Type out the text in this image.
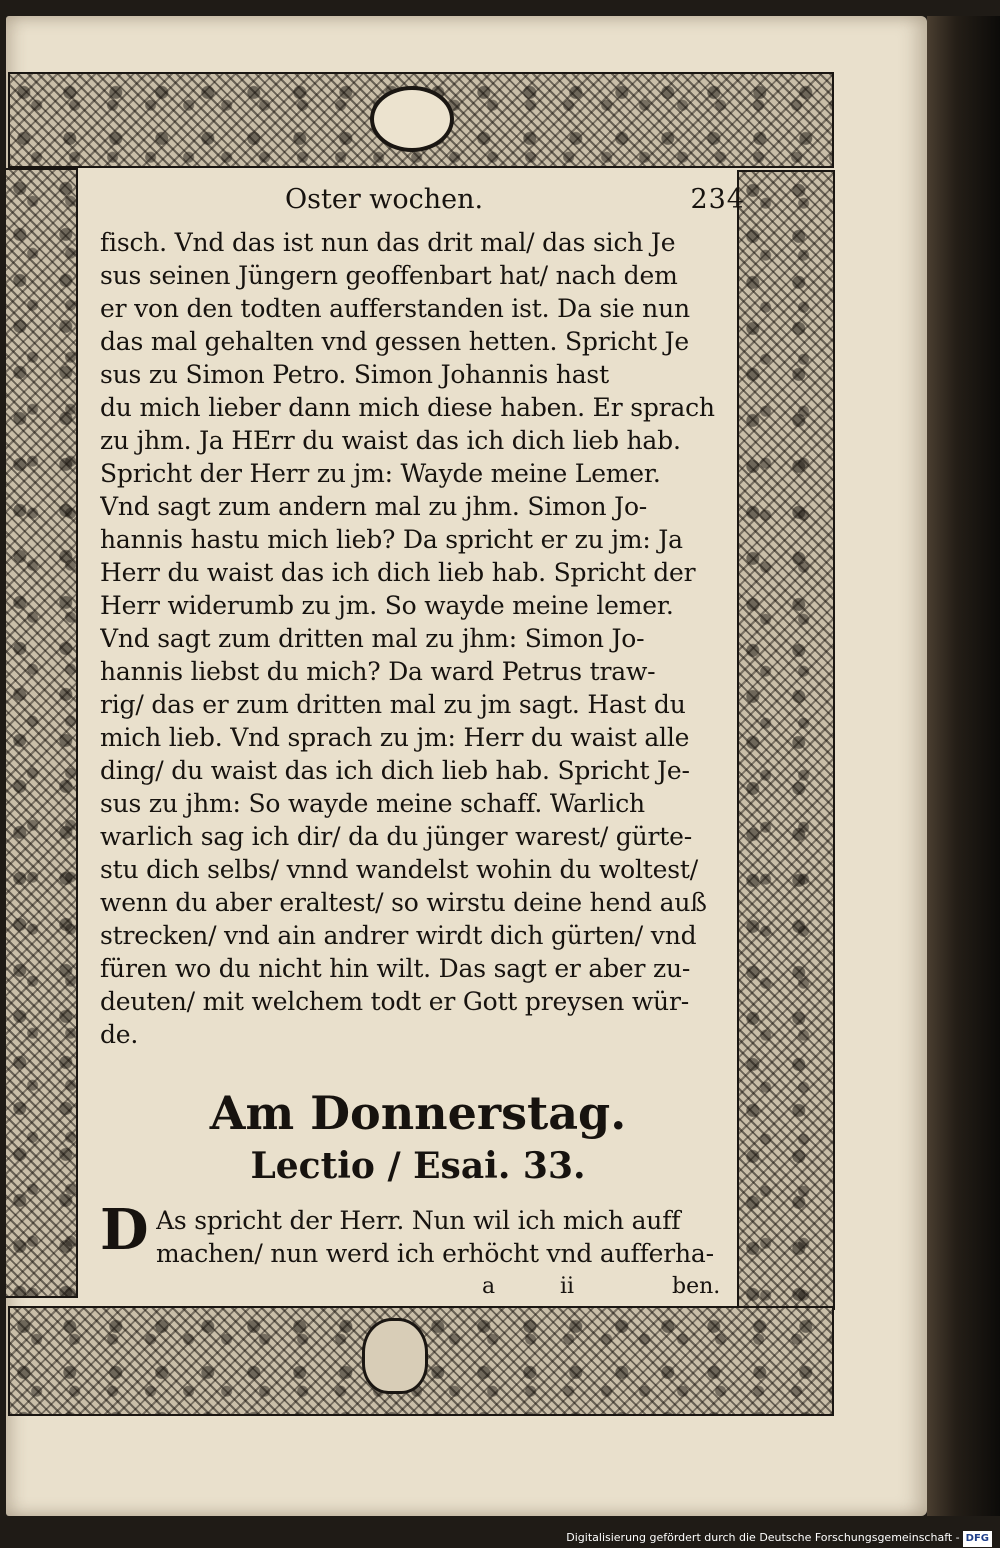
Oster wochen.	234
fisch. Vnd das ist nun das drit mal/ das sich Je
sus seinen Jüngern geoffenbart hat/ nach dem
er von den todten aufferstanden ist. Da sie nun
das mal gehalten vnd gessen hetten. Spricht Je
sus zu Simon Petro. Simon Johannis hast
du mich lieber dann mich diese haben. Er sprach
zu jhm. Ja HErr du waist das ich dich lieb hab.
Spricht der Herr zu jm: Wayde meine Lemer.
Vnd sagt zum andern mal zu jhm. Simon Jo-
hannis hastu mich lieb? Da spricht er zu jm: Ja
Herr du waist das ich dich lieb hab. Spricht der
Herr widerumb zu jm. So wayde meine lemer.
Vnd sagt zum dritten mal zu jhm: Simon Jo-
hannis liebst du mich? Da ward Petrus traw-
rig/ das er zum dritten mal zu jm sagt. Hast du
mich lieb. Vnd sprach zu jm: Herr du waist alle
ding/ du waist das ich dich lieb hab. Spricht Je-
sus zu jhm: So wayde meine schaff. Warlich
warlich sag ich dir/ da du jünger warest/ gürte-
stu dich selbs/ vnnd wandelst wohin du woltest/
wenn du aber eraltest/ so wirstu deine hend auß
strecken/ vnd ain andrer wirdt dich gürten/ vnd
füren wo du nicht hin wilt. Das sagt er aber zu-
deuten/ mit welchem todt er Gott preysen wür-
de.
Am Donnerstag.
Lectio / Esai. 33.
D As spricht der Herr. Nun wil ich mich auff
machen/ nun werd ich erhöcht vnd aufferha-
a	ii	ben.
Digitalisierung gefördert durch die Deutsche Forschungsgemeinschaft - DFG
